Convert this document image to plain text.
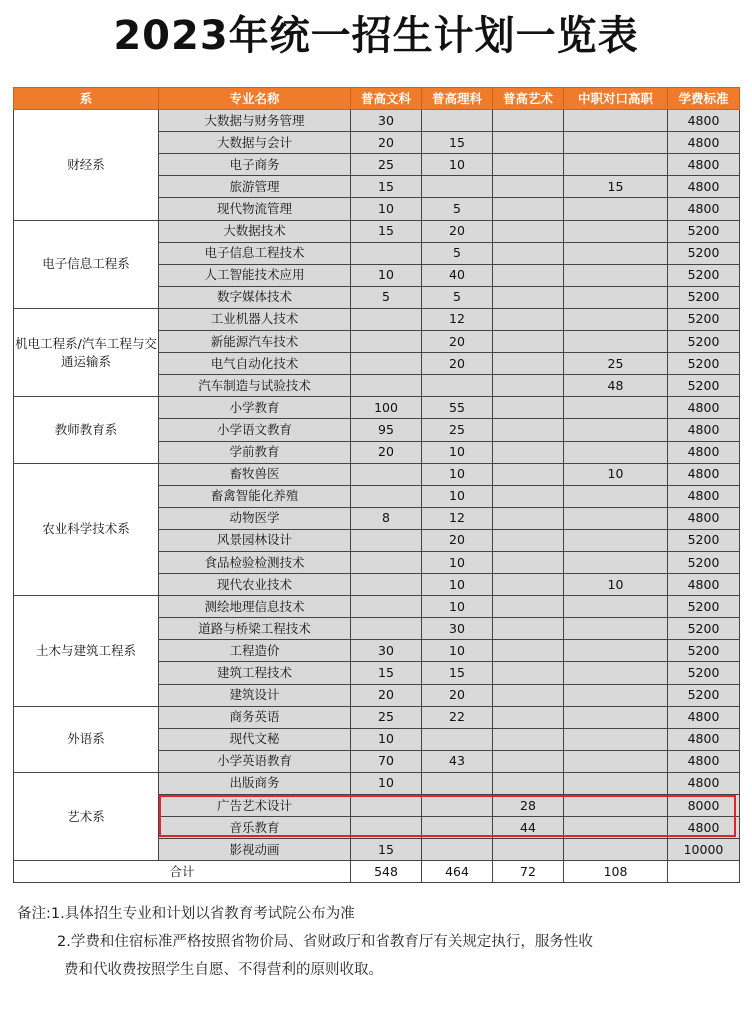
2023年统一招生计划一览表
系	专业名称	普高文科	普高理科	普高艺术	中职对口高职	学费标准
财经系	大数据与财务管理	30				4800
	大数据与会计	20	15			4800
	电子商务	25	10			4800
	旅游管理	15			15	4800
	现代物流管理	10	5			4800
电子信息工程系	大数据技术	15	20			5200
	电子信息工程技术		5			5200
	人工智能技术应用	10	40			5200
	数字媒体技术	5	5			5200
机电工程系/汽车工程与交通运输系	工业机器人技术		12			5200
	新能源汽车技术		20			5200
	电气自动化技术		20		25	5200
	汽车制造与试验技术				48	5200
教师教育系	小学教育	100	55			4800
	小学语文教育	95	25			4800
	学前教育	20	10			4800
农业科学技术系	畜牧兽医		10		10	4800
	畜禽智能化养殖		10			4800
	动物医学	8	12			4800
	风景园林设计		20			5200
	食品检验检测技术		10			5200
	现代农业技术		10		10	4800
土木与建筑工程系	测绘地理信息技术		10			5200
	道路与桥梁工程技术		30			5200
	工程造价	30	10			5200
	建筑工程技术	15	15			5200
	建筑设计	20	20			5200
外语系	商务英语	25	22			4800
	现代文秘	10				4800
	小学英语教育	70	43			4800
艺术系	出版商务	10				4800
	广告艺术设计			28		8000
	音乐教育			44		4800
	影视动画	15				10000
合计		548	464	72	108	
备注:1.具体招生专业和计划以省教育考试院公布为准
2.学费和住宿标准严格按照省物价局、省财政厅和省教育厅有关规定执行，服务性收
费和代收费按照学生自愿、不得营利的原则收取。
